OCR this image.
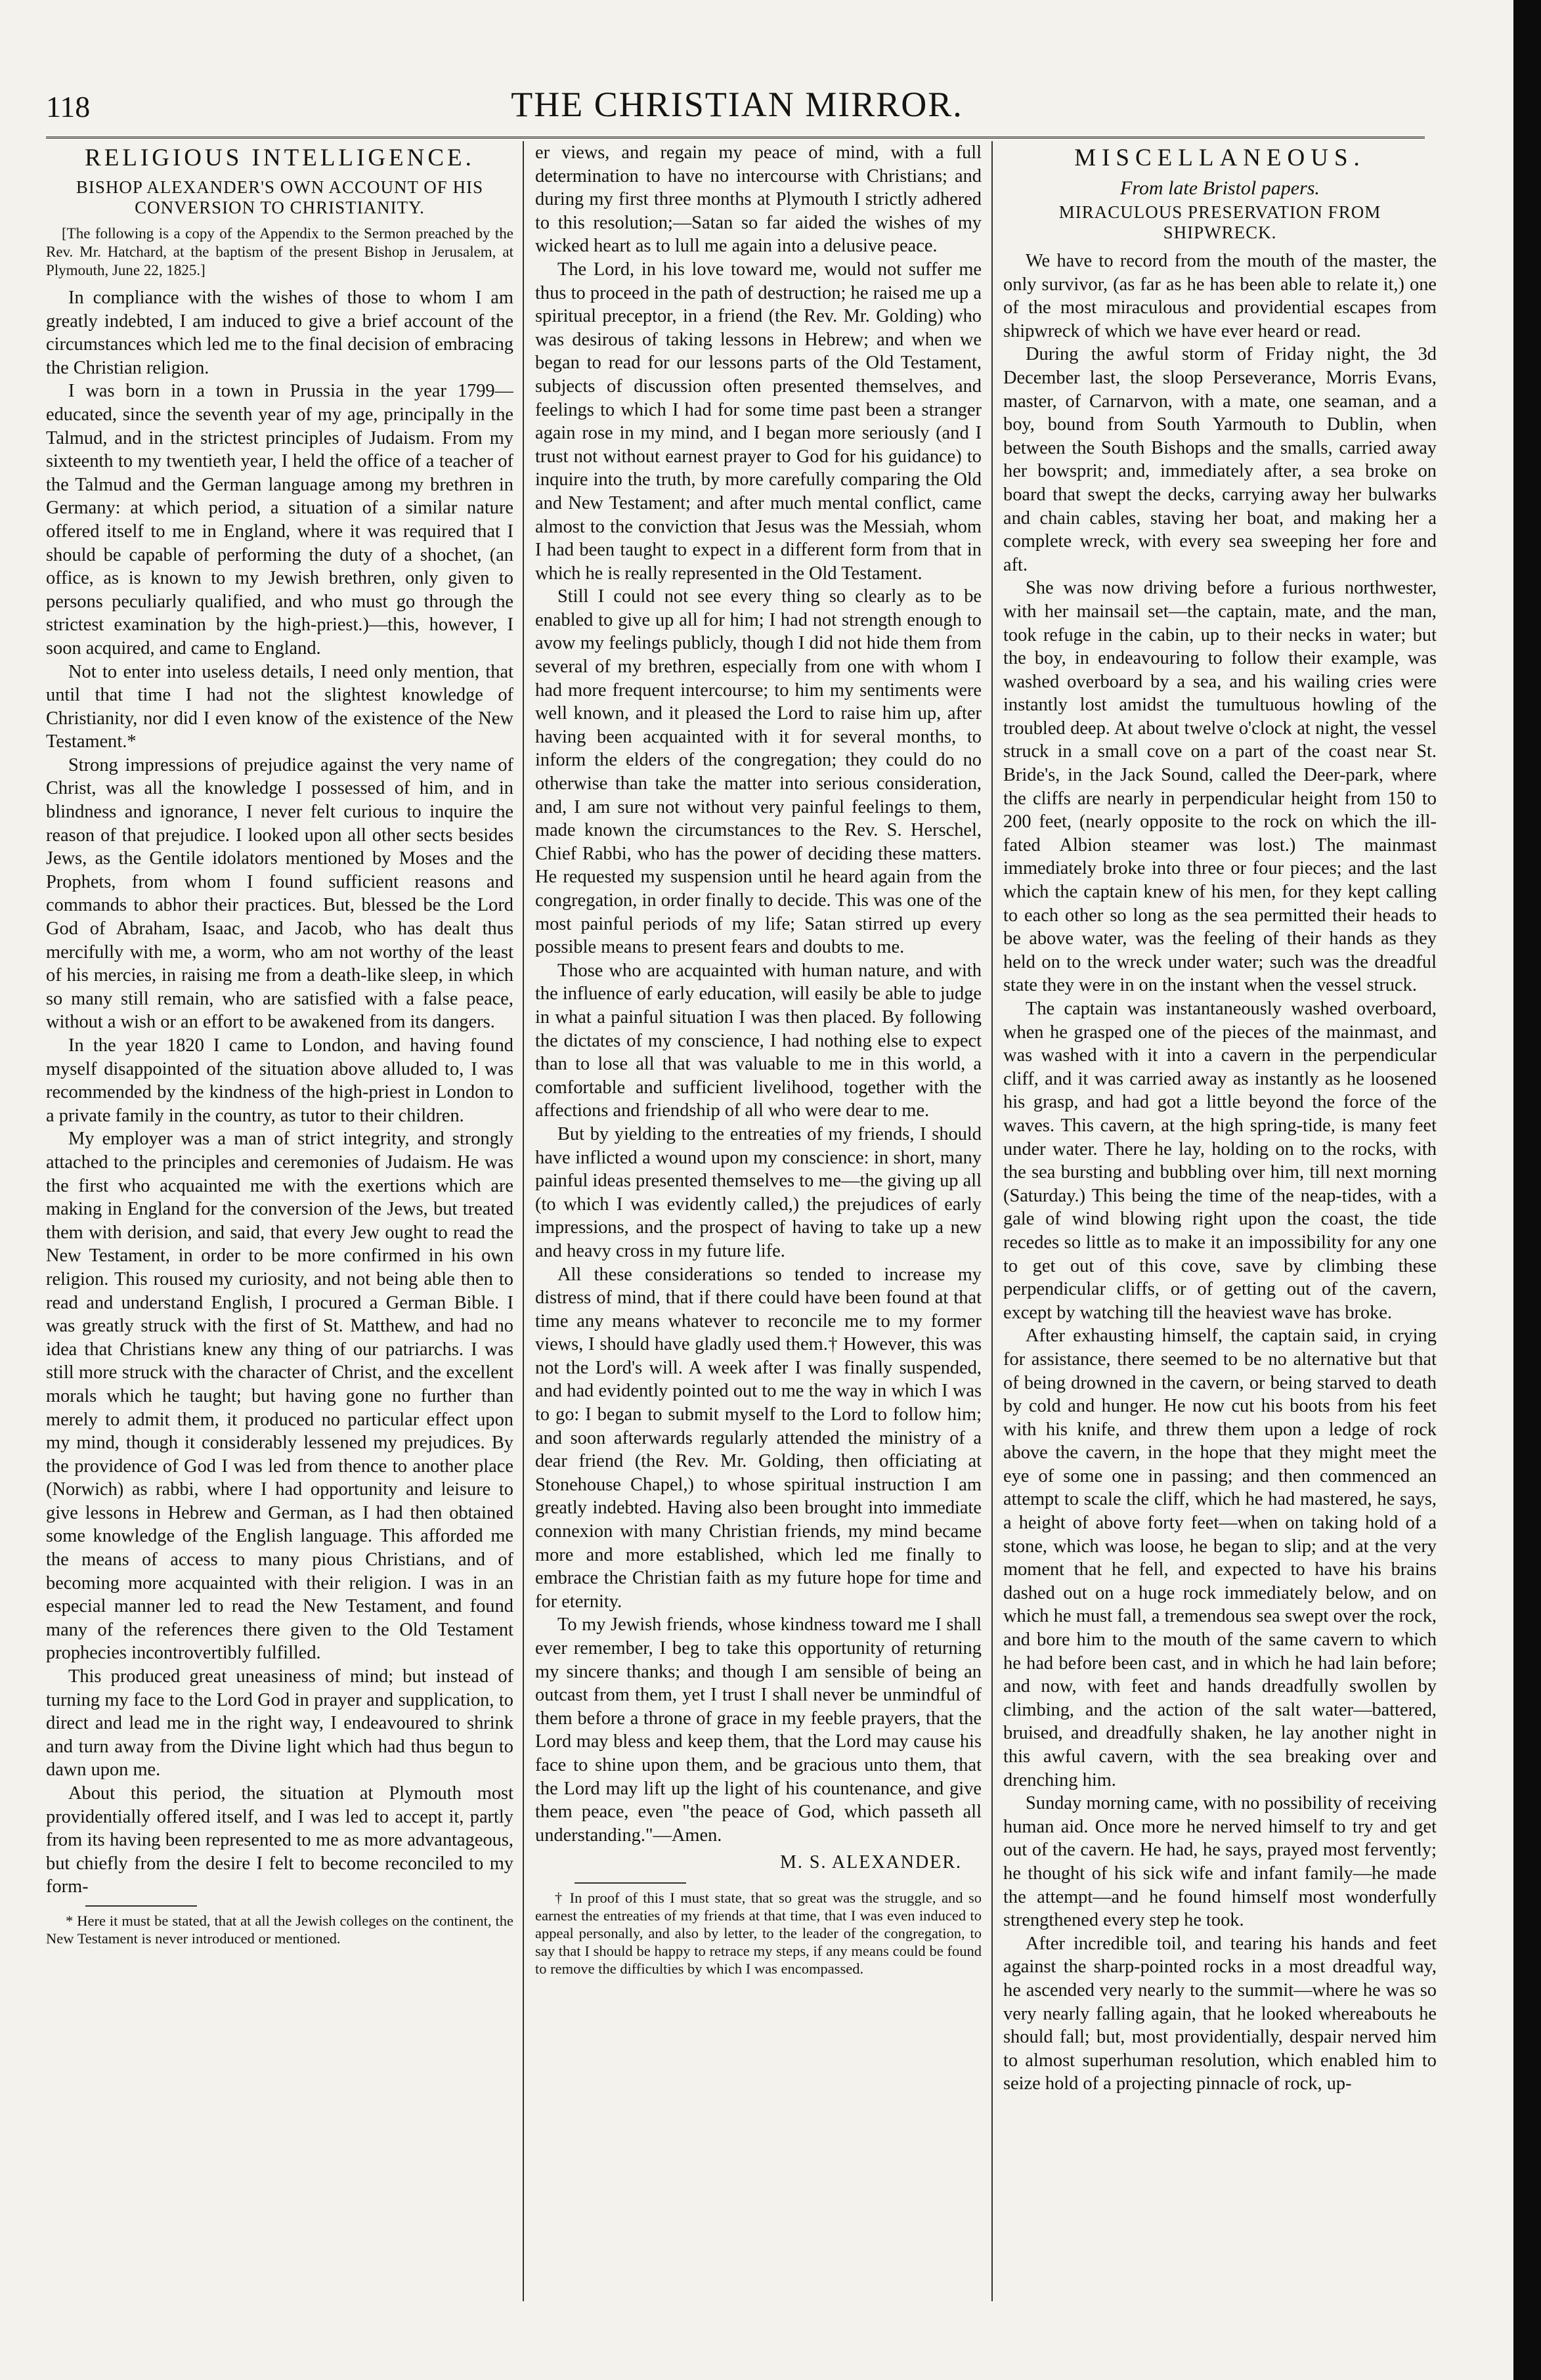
118	THE CHRISTIAN MIRROR.
RELIGIOUS INTELLIGENCE.
BISHOP ALEXANDER'S OWN ACCOUNT OF HIS CONVERSION TO CHRISTIANITY.

[The following is a copy of the Appendix to the Sermon preached by the Rev. Mr. Hatchard, at the baptism of the present Bishop in Jerusalem, at Plymouth, June 22, 1825.]

In compliance with the wishes of those to whom I am greatly indebted, I am induced to give a brief account of the circumstances which led me to the final decision of embracing the Christian religion.

I was born in a town in Prussia in the year 1799—educated, since the seventh year of my age, principally in the Talmud, and in the strictest principles of Judaism. From my sixteenth to my twentieth year, I held the office of a teacher of the Talmud and the German language among my brethren in Germany: at which period, a situation of a similar nature offered itself to me in England, where it was required that I should be capable of performing the duty of a shochet, (an office, as is known to my Jewish brethren, only given to persons peculiarly qualified, and who must go through the strictest examination by the high-priest.)—this, however, I soon acquired, and came to England.

Not to enter into useless details, I need only mention, that until that time I had not the slightest knowledge of Christianity, nor did I even know of the existence of the New Testament.*

Strong impressions of prejudice against the very name of Christ, was all the knowledge I possessed of him, and in blindness and ignorance, I never felt curious to inquire the reason of that prejudice. I looked upon all other sects besides Jews, as the Gentile idolators mentioned by Moses and the Prophets, from whom I found sufficient reasons and commands to abhor their practices. But, blessed be the Lord God of Abraham, Isaac, and Jacob, who has dealt thus mercifully with me, a worm, who am not worthy of the least of his mercies, in raising me from a death-like sleep, in which so many still remain, who are satisfied with a false peace, without a wish or an effort to be awakened from its dangers.

In the year 1820 I came to London, and having found myself disappointed of the situation above alluded to, I was recommended by the kindness of the high-priest in London to a private family in the country, as tutor to their children.

My employer was a man of strict integrity, and strongly attached to the principles and ceremonies of Judaism. He was the first who acquainted me with the exertions which are making in England for the conversion of the Jews, but treated them with derision, and said, that every Jew ought to read the New Testament, in order to be more confirmed in his own religion. This roused my curiosity, and not being able then to read and understand English, I procured a German Bible. I was greatly struck with the first of St. Matthew, and had no idea that Christians knew any thing of our patriarchs. I was still more struck with the character of Christ, and the excellent morals which he taught; but having gone no further than merely to admit them, it produced no particular effect upon my mind, though it considerably lessened my prejudices. By the providence of God I was led from thence to another place (Norwich) as rabbi, where I had opportunity and leisure to give lessons in Hebrew and German, as I had then obtained some knowledge of the English language. This afforded me the means of access to many pious Christians, and of becoming more acquainted with their religion. I was in an especial manner led to read the New Testament, and found many of the references there given to the Old Testament prophecies incontrovertibly fulfilled.

This produced great uneasiness of mind; but instead of turning my face to the Lord God in prayer and supplication, to direct and lead me in the right way, I endeavoured to shrink and turn away from the Divine light which had thus begun to dawn upon me.

About this period, the situation at Plymouth most providentially offered itself, and I was led to accept it, partly from its having been represented to me as more advantageous, but chiefly from the desire I felt to become reconciled to my form-

* Here it must be stated, that at all the Jewish colleges on the continent, the New Testament is never introduced or mentioned.

er views, and regain my peace of mind, with a full determination to have no intercourse with Christians; and during my first three months at Plymouth I strictly adhered to this resolution;—Satan so far aided the wishes of my wicked heart as to lull me again into a delusive peace.

The Lord, in his love toward me, would not suffer me thus to proceed in the path of destruction; he raised me up a spiritual preceptor, in a friend (the Rev. Mr. Golding) who was desirous of taking lessons in Hebrew; and when we began to read for our lessons parts of the Old Testament, subjects of discussion often presented themselves, and feelings to which I had for some time past been a stranger again rose in my mind, and I began more seriously (and I trust not without earnest prayer to God for his guidance) to inquire into the truth, by more carefully comparing the Old and New Testament; and after much mental conflict, came almost to the conviction that Jesus was the Messiah, whom I had been taught to expect in a different form from that in which he is really represented in the Old Testament.

Still I could not see every thing so clearly as to be enabled to give up all for him; I had not strength enough to avow my feelings publicly, though I did not hide them from several of my brethren, especially from one with whom I had more frequent intercourse; to him my sentiments were well known, and it pleased the Lord to raise him up, after having been acquainted with it for several months, to inform the elders of the congregation; they could do no otherwise than take the matter into serious consideration, and, I am sure not without very painful feelings to them, made known the circumstances to the Rev. S. Herschel, Chief Rabbi, who has the power of deciding these matters. He requested my suspension until he heard again from the congregation, in order finally to decide. This was one of the most painful periods of my life; Satan stirred up every possible means to present fears and doubts to me.

Those who are acquainted with human nature, and with the influence of early education, will easily be able to judge in what a painful situation I was then placed. By following the dictates of my conscience, I had nothing else to expect than to lose all that was valuable to me in this world, a comfortable and sufficient livelihood, together with the affections and friendship of all who were dear to me.

But by yielding to the entreaties of my friends, I should have inflicted a wound upon my conscience: in short, many painful ideas presented themselves to me—the giving up all (to which I was evidently called,) the prejudices of early impressions, and the prospect of having to take up a new and heavy cross in my future life.

All these considerations so tended to increase my distress of mind, that if there could have been found at that time any means whatever to reconcile me to my former views, I should have gladly used them.† However, this was not the Lord's will. A week after I was finally suspended, and had evidently pointed out to me the way in which I was to go: I began to submit myself to the Lord to follow him; and soon afterwards regularly attended the ministry of a dear friend (the Rev. Mr. Golding, then officiating at Stonehouse Chapel,) to whose spiritual instruction I am greatly indebted. Having also been brought into immediate connexion with many Christian friends, my mind became more and more established, which led me finally to embrace the Christian faith as my future hope for time and for eternity.

To my Jewish friends, whose kindness toward me I shall ever remember, I beg to take this opportunity of returning my sincere thanks; and though I am sensible of being an outcast from them, yet I trust I shall never be unmindful of them before a throne of grace in my feeble prayers, that the Lord may bless and keep them, that the Lord may cause his face to shine upon them, and be gracious unto them, that the Lord may lift up the light of his countenance, and give them peace, even "the peace of God, which passeth all understanding."—Amen.

M. S. ALEXANDER.

† In proof of this I must state, that so great was the struggle, and so earnest the entreaties of my friends at that time, that I was even induced to appeal personally, and also by letter, to the leader of the congregation, to say that I should be happy to retrace my steps, if any means could be found to remove the difficulties by which I was encompassed.

MISCELLANEOUS.
From late Bristol papers.
MIRACULOUS PRESERVATION FROM SHIPWRECK.

We have to record from the mouth of the master, the only survivor, (as far as he has been able to relate it,) one of the most miraculous and providential escapes from shipwreck of which we have ever heard or read.

During the awful storm of Friday night, the 3d December last, the sloop Perseverance, Morris Evans, master, of Carnarvon, with a mate, one seaman, and a boy, bound from South Yarmouth to Dublin, when between the South Bishops and the smalls, carried away her bowsprit; and, immediately after, a sea broke on board that swept the decks, carrying away her bulwarks and chain cables, staving her boat, and making her a complete wreck, with every sea sweeping her fore and aft.

She was now driving before a furious northwester, with her mainsail set—the captain, mate, and the man, took refuge in the cabin, up to their necks in water; but the boy, in endeavouring to follow their example, was washed overboard by a sea, and his wailing cries were instantly lost amidst the tumultuous howling of the troubled deep. At about twelve o'clock at night, the vessel struck in a small cove on a part of the coast near St. Bride's, in the Jack Sound, called the Deer-park, where the cliffs are nearly in perpendicular height from 150 to 200 feet, (nearly opposite to the rock on which the ill-fated Albion steamer was lost.) The mainmast immediately broke into three or four pieces; and the last which the captain knew of his men, for they kept calling to each other so long as the sea permitted their heads to be above water, was the feeling of their hands as they held on to the wreck under water; such was the dreadful state they were in on the instant when the vessel struck.

The captain was instantaneously washed overboard, when he grasped one of the pieces of the mainmast, and was washed with it into a cavern in the perpendicular cliff, and it was carried away as instantly as he loosened his grasp, and had got a little beyond the force of the waves. This cavern, at the high spring-tide, is many feet under water. There he lay, holding on to the rocks, with the sea bursting and bubbling over him, till next morning (Saturday.) This being the time of the neap-tides, with a gale of wind blowing right upon the coast, the tide recedes so little as to make it an impossibility for any one to get out of this cove, save by climbing these perpendicular cliffs, or of getting out of the cavern, except by watching till the heaviest wave has broke.

After exhausting himself, the captain said, in crying for assistance, there seemed to be no alternative but that of being drowned in the cavern, or being starved to death by cold and hunger. He now cut his boots from his feet with his knife, and threw them upon a ledge of rock above the cavern, in the hope that they might meet the eye of some one in passing; and then commenced an attempt to scale the cliff, which he had mastered, he says, a height of above forty feet—when on taking hold of a stone, which was loose, he began to slip; and at the very moment that he fell, and expected to have his brains dashed out on a huge rock immediately below, and on which he must fall, a tremendous sea swept over the rock, and bore him to the mouth of the same cavern to which he had before been cast, and in which he had lain before; and now, with feet and hands dreadfully swollen by climbing, and the action of the salt water—battered, bruised, and dreadfully shaken, he lay another night in this awful cavern, with the sea breaking over and drenching him.

Sunday morning came, with no possibility of receiving human aid. Once more he nerved himself to try and get out of the cavern. He had, he says, prayed most fervently; he thought of his sick wife and infant family—he made the attempt—and he found himself most wonderfully strengthened every step he took.

After incredible toil, and tearing his hands and feet against the sharp-pointed rocks in a most dreadful way, he ascended very nearly to the summit—where he was so very nearly falling again, that he looked whereabouts he should fall; but, most providentially, despair nerved him to almost superhuman resolution, which enabled him to seize hold of a projecting pinnacle of rock, up-
